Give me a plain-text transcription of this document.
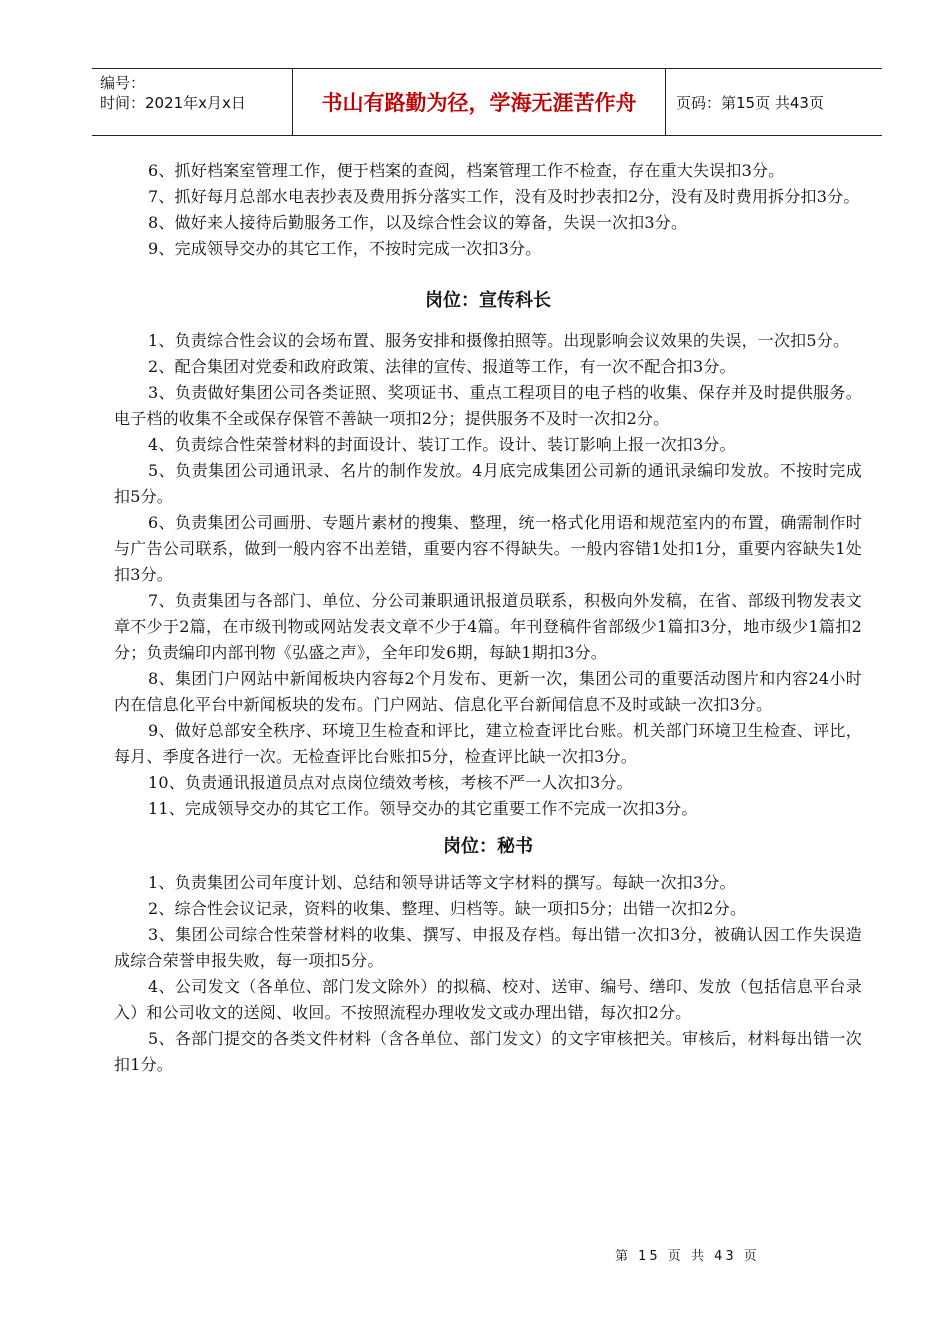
编号：
时间：2021年x月x日	书山有路勤为径，学海无涯苦作舟	页码：第15页 共43页

6、抓好档案室管理工作，便于档案的查阅，档案管理工作不检查，存在重大失误扣3分。

7、抓好每月总部水电表抄表及费用拆分落实工作，没有及时抄表扣2分，没有及时费用拆分扣3分。

8、做好来人接待后勤服务工作，以及综合性会议的筹备，失误一次扣3分。

9、完成领导交办的其它工作，不按时完成一次扣3分。

岗位：宣传科长

1、负责综合性会议的会场布置、服务安排和摄像拍照等。出现影响会议效果的失误，一次扣5分。

2、配合集团对党委和政府政策、法律的宣传、报道等工作，有一次不配合扣3分。

3、负责做好集团公司各类证照、奖项证书、重点工程项目的电子档的收集、保存并及时提供服务。电子档的收集不全或保存保管不善缺一项扣2分；提供服务不及时一次扣2分。

4、负责综合性荣誉材料的封面设计、装订工作。设计、装订影响上报一次扣3分。

5、负责集团公司通讯录、名片的制作发放。4月底完成集团公司新的通讯录编印发放。不按时完成扣5分。

6、负责集团公司画册、专题片素材的搜集、整理，统一格式化用语和规范室内的布置，确需制作时与广告公司联系，做到一般内容不出差错，重要内容不得缺失。一般内容错1处扣1分，重要内容缺失1处扣3分。

7、负责集团与各部门、单位、分公司兼职通讯报道员联系，积极向外发稿，在省、部级刊物发表文章不少于2篇，在市级刊物或网站发表文章不少于4篇。年刊登稿件省部级少1篇扣3分，地市级少1篇扣2分；负责编印内部刊物《弘盛之声》，全年印发6期，每缺1期扣3分。

8、集团门户网站中新闻板块内容每2个月发布、更新一次，集团公司的重要活动图片和内容24小时内在信息化平台中新闻板块的发布。门户网站、信息化平台新闻信息不及时或缺一次扣3分。

9、做好总部安全秩序、环境卫生检查和评比，建立检查评比台账。机关部门环境卫生检查、评比，每月、季度各进行一次。无检查评比台账扣5分，检查评比缺一次扣3分。

10、负责通讯报道员点对点岗位绩效考核，考核不严一人次扣3分。

11、完成领导交办的其它工作。领导交办的其它重要工作不完成一次扣3分。

岗位：秘书

1、负责集团公司年度计划、总结和领导讲话等文字材料的撰写。每缺一次扣3分。

2、综合性会议记录，资料的收集、整理、归档等。缺一项扣5分；出错一次扣2分。

3、集团公司综合性荣誉材料的收集、撰写、申报及存档。每出错一次扣3分，被确认因工作失误造成综合荣誉申报失败，每一项扣5分。

4、公司发文（各单位、部门发文除外）的拟稿、校对、送审、编号、缮印、发放（包括信息平台录入）和公司收文的送阅、收回。不按照流程办理收发文或办理出错，每次扣2分。

5、各部门提交的各类文件材料（含各单位、部门发文）的文字审核把关。审核后，材料每出错一次扣1分。

第 15 页 共 43 页
